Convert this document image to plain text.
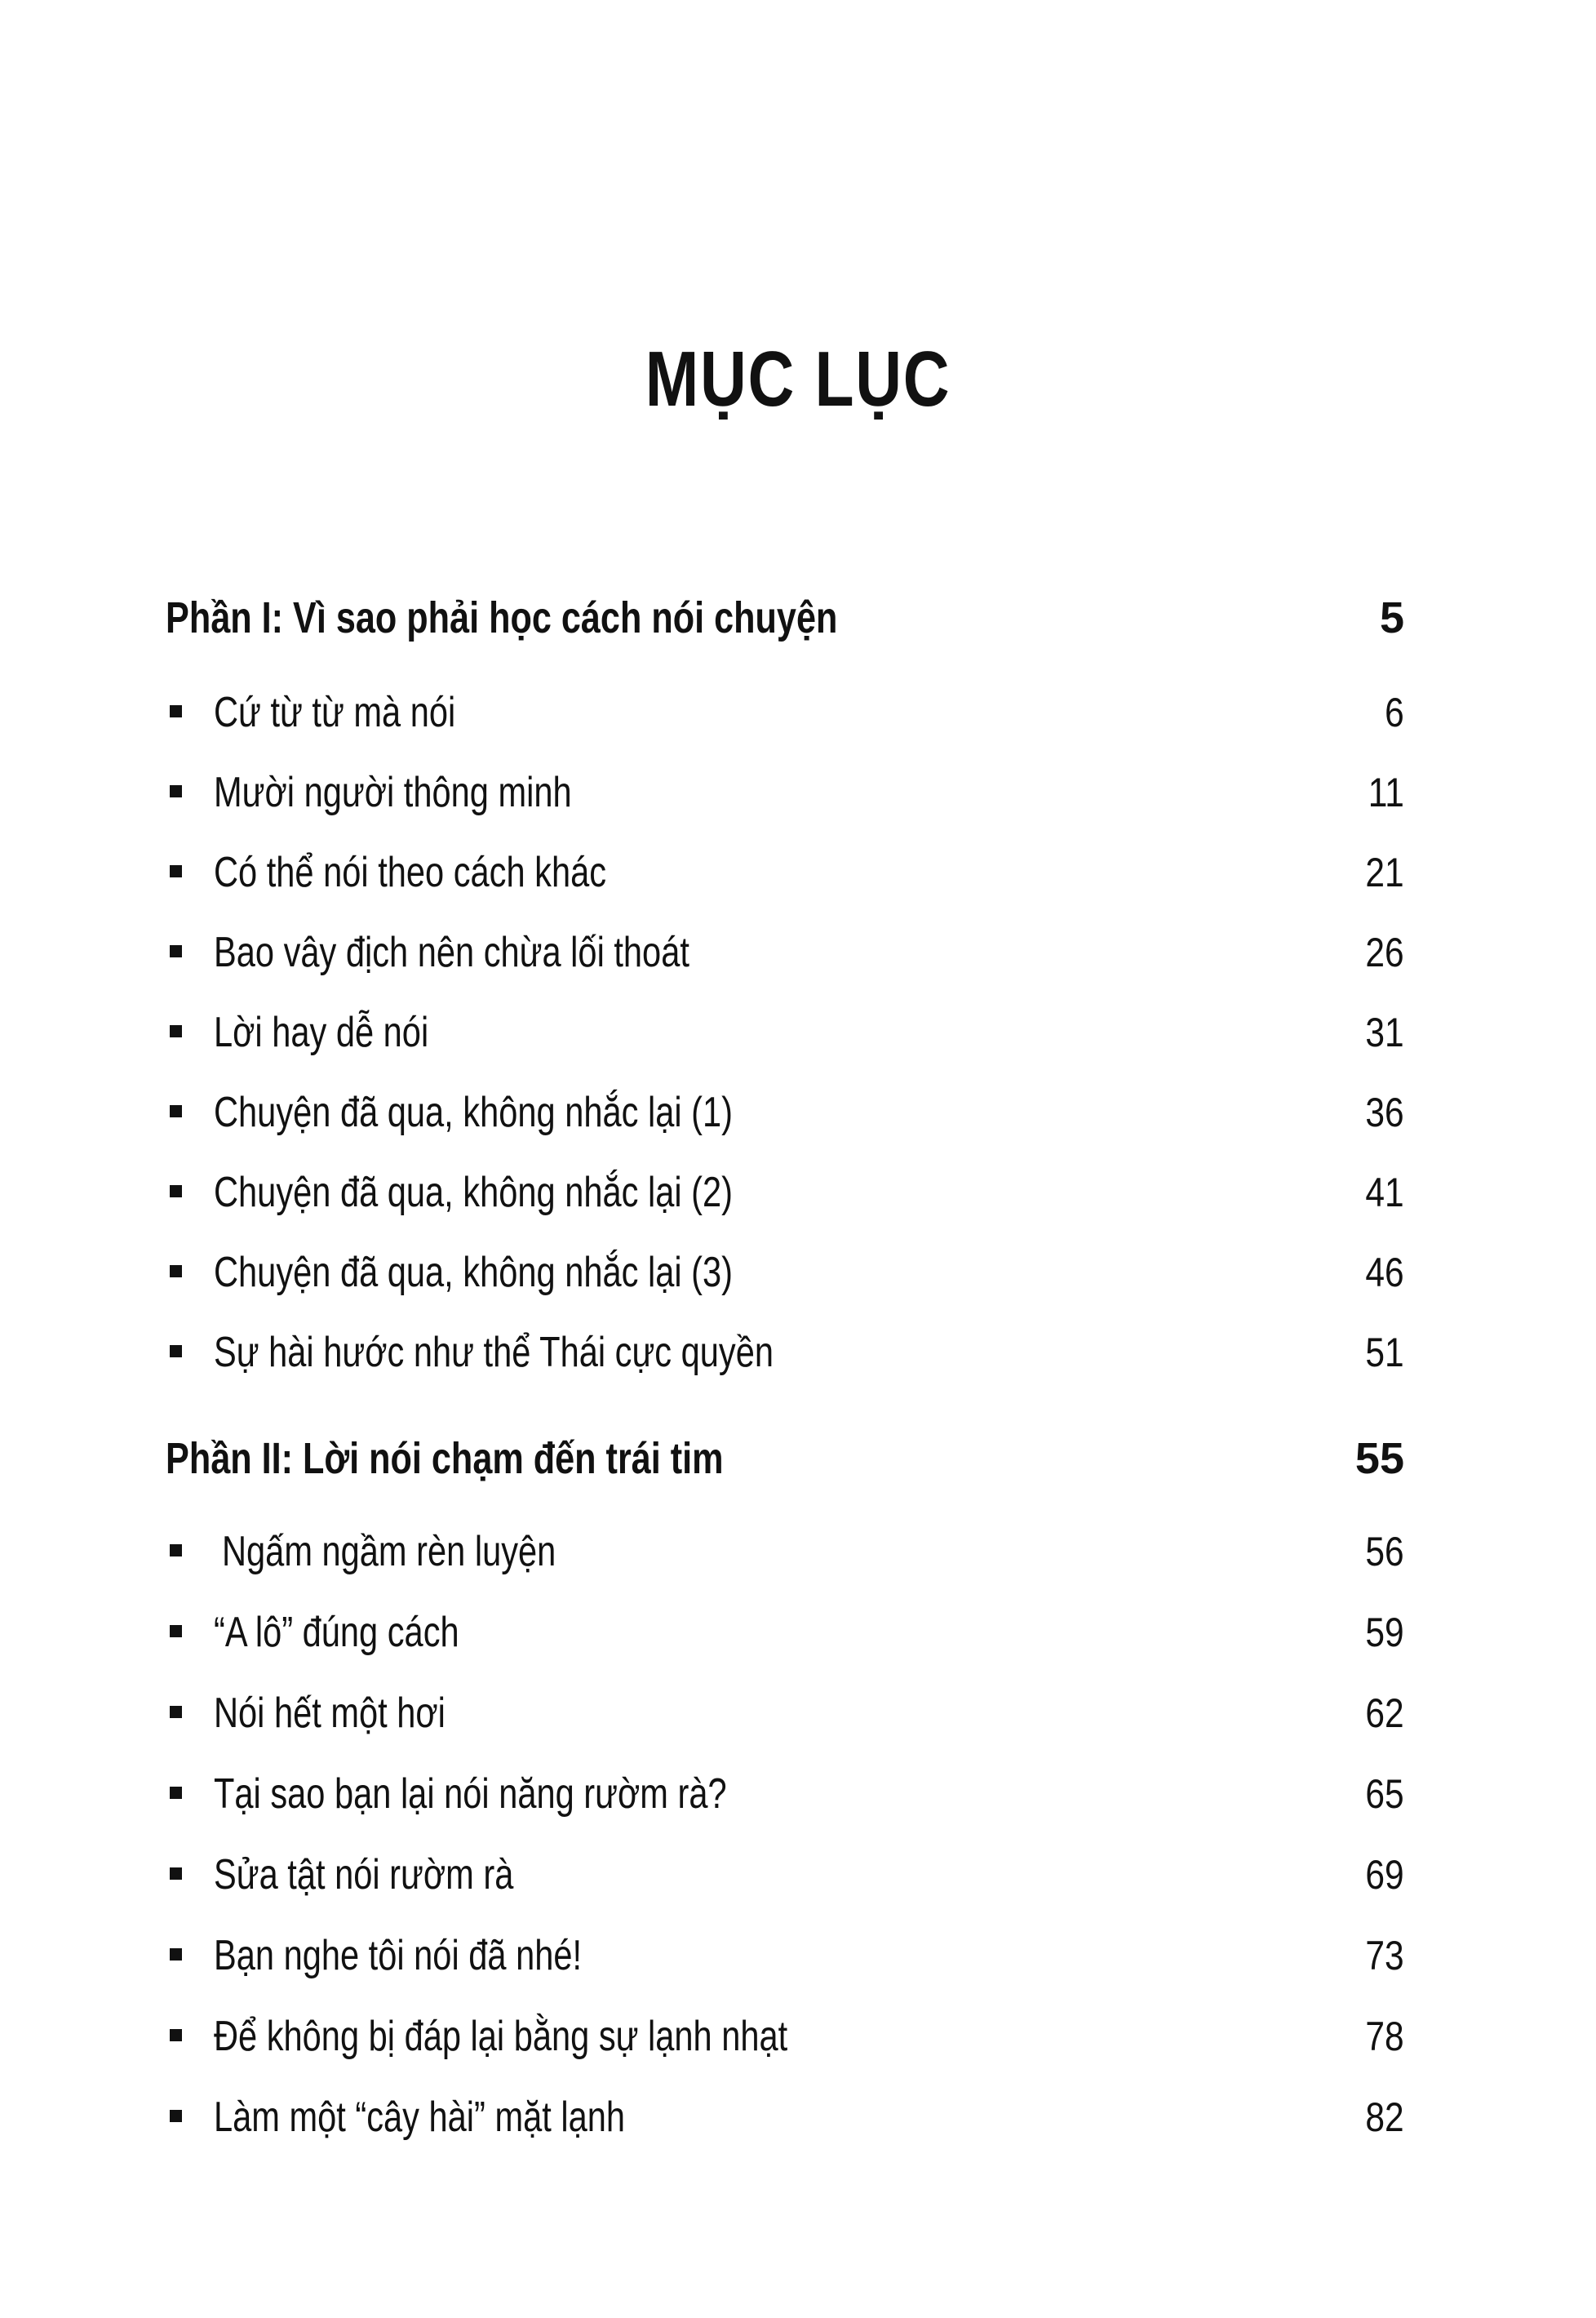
MỤC LỤC
Phần I: Vì sao phải học cách nói chuyện	5
Cứ từ từ mà nói	6
Mười người thông minh	11
Có thể nói theo cách khác	21
Bao vây địch nên chừa lối thoát	26
Lời hay dễ nói	31
Chuyện đã qua, không nhắc lại (1)	36
Chuyện đã qua, không nhắc lại (2)	41
Chuyện đã qua, không nhắc lại (3)	46
Sự hài hước như thể Thái cực quyền	51
Phần II: Lời nói chạm đến trái tim	55
Ngấm ngầm rèn luyện	56
“A lô” đúng cách	59
Nói hết một hơi	62
Tại sao bạn lại nói năng rườm rà?	65
Sửa tật nói rườm rà	69
Bạn nghe tôi nói đã nhé!	73
Để không bị đáp lại bằng sự lạnh nhạt	78
Làm một “cây hài” mặt lạnh	82
